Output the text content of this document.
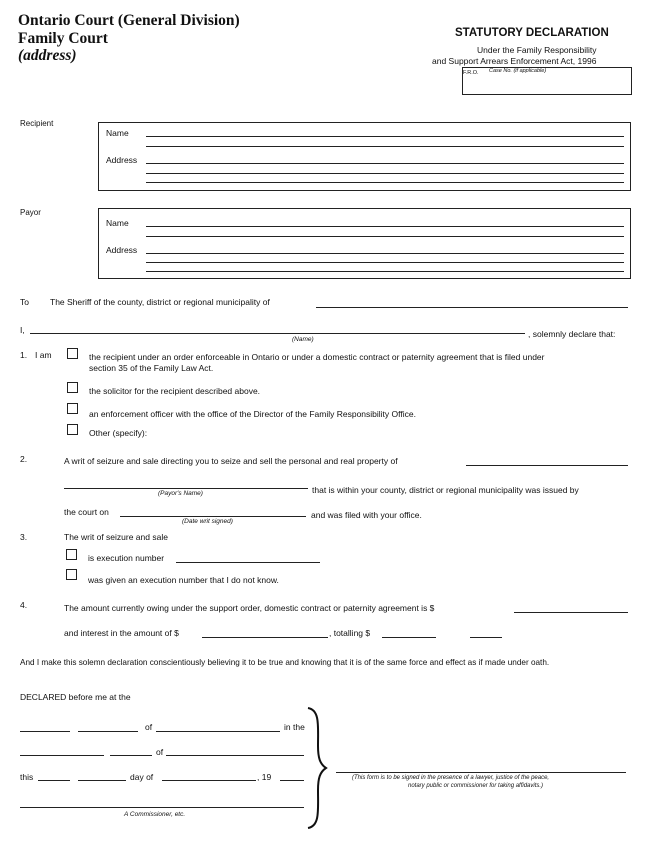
Ontario Court (General Division)
Family Court
(address)
STATUTORY DECLARATION
Under the Family Responsibility
and Support Arrears Enforcement Act, 1996
F.R.O. Case No. (if applicable)
Recipient
Name
Address
Payor
Name
Address
To The Sheriff of the county, district or regional municipality of
I,
(Name)
, solemnly declare that:
1. I am	the recipient under an order enforceable in Ontario or under a domestic contract or paternity agreement that is filed under
section 35 of the Family Law Act.
the solicitor for the recipient described above.
an enforcement officer with the office of the Director of the Family Responsibility Office.
Other (specify):
2.	A writ of seizure and sale directing you to seize and sell the personal and real property of
(Payor's Name)	that is within your county, district or regional municipality was issued by
the court on
(Date writ signed)
and was filed with your office.
3.	The writ of seizure and sale
is execution number
was given an execution number that I do not know.
4.	The amount currently owing under the support order, domestic contract or paternity agreement is $
and interest in the amount of $	, totalling $
And I make this solemn declaration conscientiously believing it to be true and knowing that it is of the same force and effect as if made under oath.
DECLARED before me at the
of	in the
of
this	day of	, 19
A Commissioner, etc.
(This form is to be signed in the presence of a lawyer, justice of the peace,
notary public or commissioner for taking affidavits.)
